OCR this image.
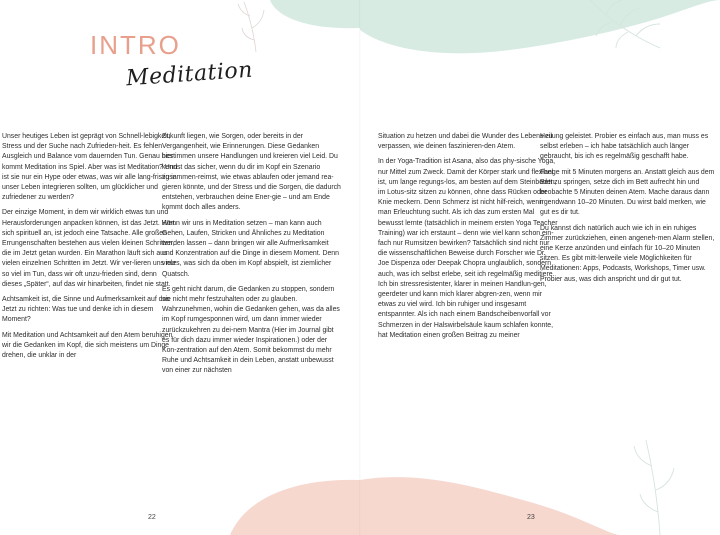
INTRO
Meditation

Unser heutiges Leben ist geprägt von Schnell-lebigkeit, Stress und der Suche nach Zufrieden-heit. Es fehlen Ausgleich und Balance vom dauernden Tun. Genau hier kommt Meditation ins Spiel. Aber was ist Meditation? Und ist sie nur ein Hype oder etwas, was wir alle lang-fristig in unser Leben integrieren sollten, um glücklicher und zufriedener zu werden?

Der einzige Moment, in dem wir wirklich etwas tun und Herausforderungen anpacken können, ist das Jetzt. Hört sich spirituell an, ist jedoch eine Tatsache. Alle großen Errungenschaften bestehen aus vielen kleinen Schritten, die im Jetzt getan wurden. Ein Marathon läuft sich aus vielen einzelnen Schritten im Jetzt. Wir ver-lieren uns nur so viel im Tun, dass wir oft unzu-frieden sind, denn dieses „Später“, auf das wir hinarbeiten, findet nie statt.

Achtsamkeit ist, die Sinne und Aufmerksamkeit auf das Jetzt zu richten: Was tue und denke ich in diesem Moment?

Mit Meditation und Achtsamkeit auf den Atem beruhigen wir die Gedanken im Kopf, die sich meistens um Dinge drehen, die unklar in der

Zukunft liegen, wie Sorgen, oder bereits in der Vergangenheit, wie Erinnerungen. Diese Gedanken bestimmen unsere Handlungen und kreieren viel Leid. Du kennst das sicher, wenn du dir im Kopf ein Szenario zusammen-reimst, wie etwas ablaufen oder jemand rea-gieren könnte, und der Stress und die Sorgen, die dadurch entstehen, verbrauchen deine Ener-gie – und am Ende kommt doch alles anders.

Wenn wir uns in Meditation setzen – man kann auch Gehen, Laufen, Stricken und Ähnliches zu Meditation werden lassen – dann bringen wir alle Aufmerksamkeit und Konzentration auf die Dinge in diesem Moment. Denn vieles, was sich da oben im Kopf abspielt, ist ziemlicher Quatsch.

Es geht nicht darum, die Gedanken zu stoppen, sondern sie nicht mehr festzuhalten oder zu glauben. Wahrzunehmen, wohin die Gedanken gehen, was da alles im Kopf rumgesponnen wird, um dann immer wieder zurückzukehren zu dei-nem Mantra (Hier im Journal gibt es für dich dazu immer wieder Inspirationen.) oder der Kon-zentration auf den Atem. Somit bekommst du mehr Ruhe und Achtsamkeit in dein Leben, anstatt unbewusst von einer zur nächsten

22

Situation zu hetzen und dabei die Wunder des Lebens zu verpassen, wie deinen faszinieren-den Atem.

In der Yoga-Tradition ist Asana, also das phy-sische Yoga, nur Mittel zum Zweck. Damit der Körper stark und flexibel ist, um lange regungs-los, am besten auf dem Steinboden, im Lotus-sitz sitzen zu können, ohne dass Rücken oder Knie meckern. Denn Schmerz ist nicht hilf-reich, wenn man Erleuchtung sucht. Als ich das zum ersten Mal bewusst lernte (tatsächlich in meinem ersten Yoga Teacher Training) war ich erstaunt – denn wie viel kann schon ein-fach nur Rumsitzen bewirken? Tatsächlich sind nicht nur die wissenschaftlichen Beweise durch Forscher wie Dr. Joe Dispenza oder Deepak Chopra unglaublich, sondern auch, was ich selbst erlebe, seit ich regelmäßig meditiere. Ich bin stressresistenter, klarer in meinen Handlun-gen, geerdeter und kann mich klarer abgren-zen, wenn mir etwas zu viel wird. Ich bin ruhiger und insgesamt entspannter. Als ich nach einem Bandscheibenvorfall vor Schmerzen in der Halswirbelsäule kaum schlafen konnte, hat Meditation einen großen Beitrag zu meiner

Heilung geleistet. Probier es einfach aus, man muss es selbst erleben – ich habe tatsächlich auch länger gebraucht, bis ich es regelmäßig geschafft habe.

Fange mit 5 Minuten morgens an. Anstatt gleich aus dem Bett zu springen, setze dich im Bett aufrecht hin und beobachte 5 Minuten deinen Atem. Mache daraus dann irgendwann 10–20 Minuten. Du wirst bald merken, wie gut es dir tut.

Du kannst dich natürlich auch wie ich in ein ruhiges Zimmer zurückziehen, einen angeneh-men Alarm stellen, eine Kerze anzünden und einfach für 10–20 Minuten sitzen. Es gibt mitt-lerweile viele Möglichkeiten für Meditationen: Apps, Podcasts, Workshops, Timer usw. Probier aus, was dich anspricht und dir gut tut.

23
